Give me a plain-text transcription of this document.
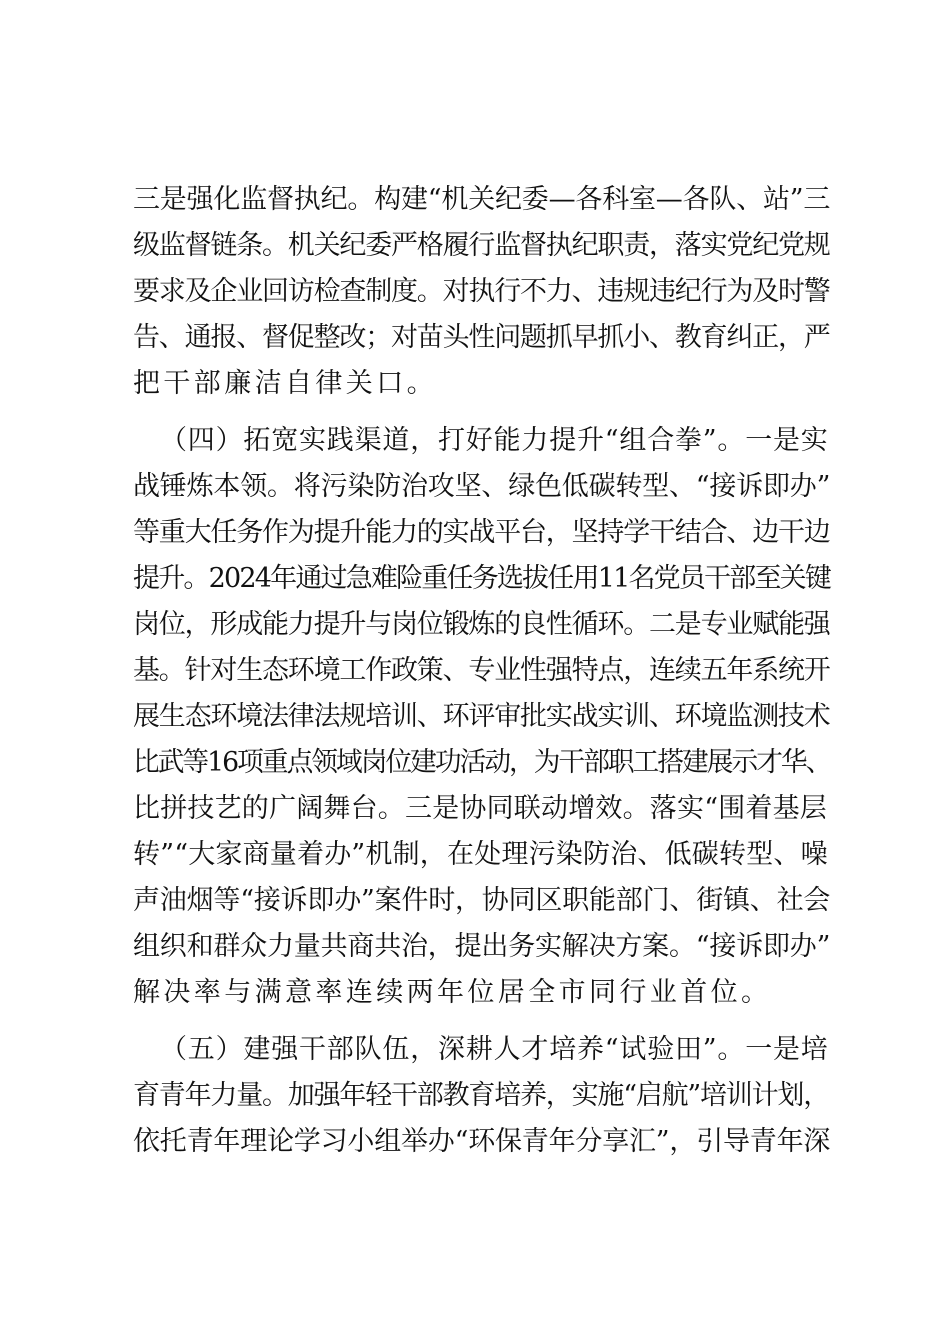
三是强化监督执纪。构建“机关纪委—各科室—各队、站”三
级监督链条。机关纪委严格履行监督执纪职责，落实党纪党规
要求及企业回访检查制度。对执行不力、违规违纪行为及时警
告、通报、督促整改；对苗头性问题抓早抓小、教育纠正，严
把干部廉洁自律关口。
（四）拓宽实践渠道，打好能力提升“组合拳”。一是实
战锤炼本领。将污染防治攻坚、绿色低碳转型、“接诉即办”
等重大任务作为提升能力的实战平台，坚持学干结合、边干边
提升。2024年通过急难险重任务选拔任用11名党员干部至关键
岗位，形成能力提升与岗位锻炼的良性循环。二是专业赋能强
基。针对生态环境工作政策、专业性强特点，连续五年系统开
展生态环境法律法规培训、环评审批实战实训、环境监测技术
比武等16项重点领域岗位建功活动，为干部职工搭建展示才华、
比拼技艺的广阔舞台。三是协同联动增效。落实“围着基层
转”“大家商量着办”机制，在处理污染防治、低碳转型、噪
声油烟等“接诉即办”案件时，协同区职能部门、街镇、社会
组织和群众力量共商共治，提出务实解决方案。“接诉即办”
解决率与满意率连续两年位居全市同行业首位。
（五）建强干部队伍，深耕人才培养“试验田”。一是培
育青年力量。加强年轻干部教育培养，实施“启航”培训计划，
依托青年理论学习小组举办“环保青年分享汇”，引导青年深
